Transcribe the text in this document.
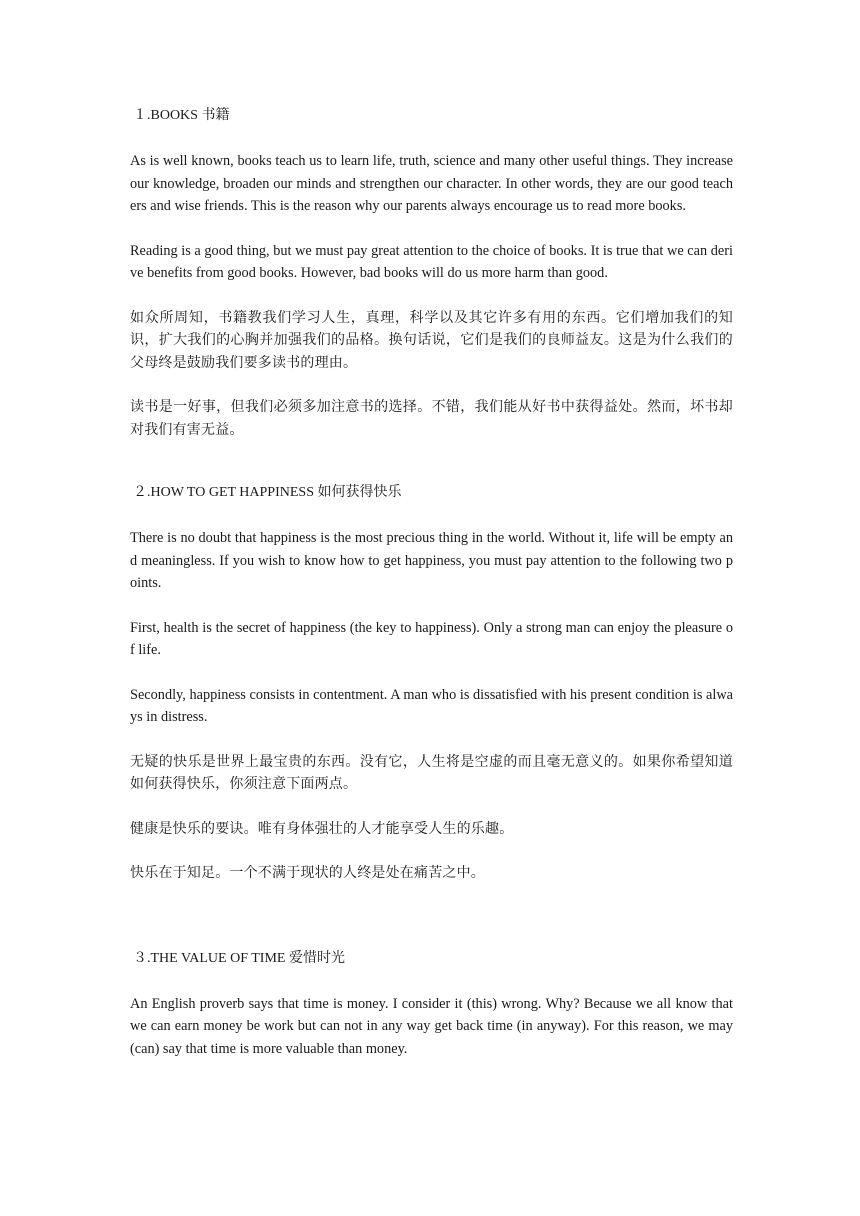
１.BOOKS 书籍

As is well known, books teach us to learn life, truth, science and many other useful things. They increase our knowledge, broaden our minds and strengthen our character. In other words, they are our good teachers and wise friends. This is the reason why our parents always encourage us to read more books.

Reading is a good thing, but we must pay great attention to the choice of books. It is true that we can derive benefits from good books. However, bad books will do us more harm than good.

如众所周知，书籍教我们学习人生，真理，科学以及其它许多有用的东西。它们增加我们的知识，扩大我们的心胸并加强我们的品格。换句话说，它们是我们的良师益友。这是为什么我们的父母终是鼓励我们要多读书的理由。

读书是一好事，但我们必须多加注意书的选择。不错，我们能从好书中获得益处。然而，坏书却对我们有害无益。

２.HOW TO GET HAPPINESS 如何获得快乐

There is no doubt that happiness is the most precious thing in the world. Without it, life will be empty and meaningless. If you wish to know how to get happiness, you must pay attention to the following two points.

First, health is the secret of happiness (the key to happiness). Only a strong man can enjoy the pleasure of life.

Secondly, happiness consists in contentment. A man who is dissatisfied with his present condition is always in distress.

无疑的快乐是世界上最宝贵的东西。没有它，人生将是空虚的而且毫无意义的。如果你希望知道如何获得快乐，你须注意下面两点。

健康是快乐的要诀。唯有身体强壮的人才能享受人生的乐趣。

快乐在于知足。一个不满于现状的人终是处在痛苦之中。

３.THE VALUE OF TIME 爱惜时光

An English proverb says that time is money. I consider it (this) wrong. Why? Because we all know that we can earn money be work but can not in any way get back time (in anyway). For this reason, we may (can) say that time is more valuable than money.
